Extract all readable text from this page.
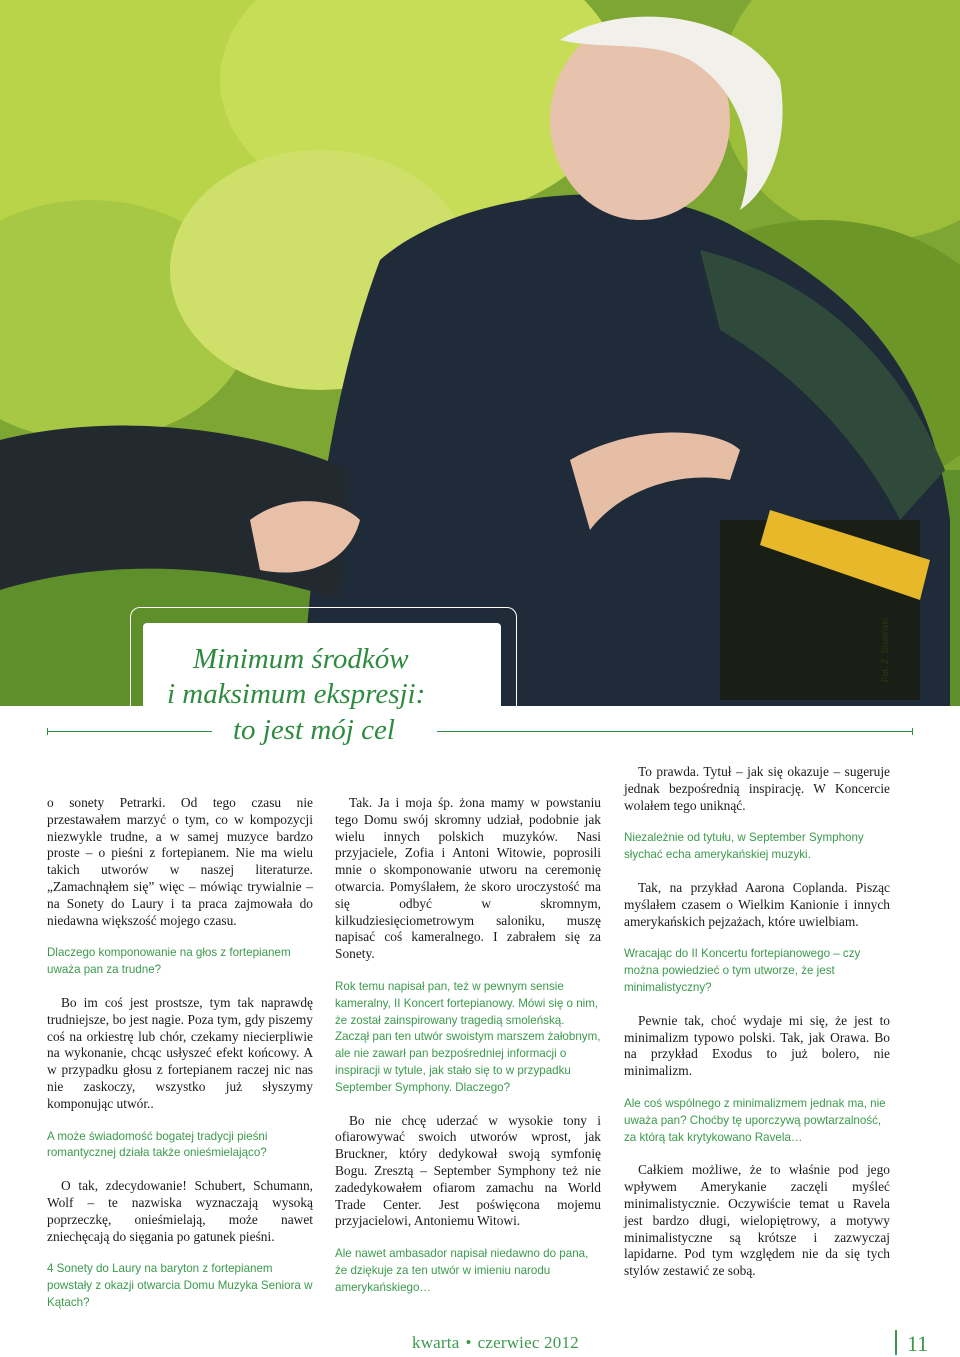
Fot. Z. Sowiński
Minimum środków
i maksimum ekspresji:
to jest mój cel

o sonety Petrarki. Od tego czasu nie przestawałem marzyć o tym, co w kompozycji niezwykle trudne, a w samej muzyce bardzo proste – o pieśni z fortepianem. Nie ma wielu takich utworów w naszej literaturze. „Zamachnąłem się” więc – mówiąc trywialnie – na Sonety do Laury i ta praca zajmowała do niedawna większość mojego czasu.

Dlaczego komponowanie na głos z fortepianem uważa pan za trudne?

Bo im coś jest prostsze, tym tak naprawdę trudniejsze, bo jest nagie. Poza tym, gdy piszemy coś na orkiestrę lub chór, czekamy niecierpliwie na wykonanie, chcąc usłyszeć efekt końcowy. A w przypadku głosu z fortepianem raczej nic nas nie zaskoczy, wszystko już słyszymy komponując utwór..

A może świadomość bogatej tradycji pieśni romantycznej działa także onieśmielająco?

O tak, zdecydowanie! Schubert, Schumann, Wolf – te nazwiska wyznaczają wysoką poprzeczkę, onieśmielają, może nawet zniechęcają do sięgania po gatunek pieśni.

4 Sonety do Laury na baryton z fortepianem powstały z okazji otwarcia Domu Muzyka Seniora w Kątach?

Tak. Ja i moja śp. żona mamy w powstaniu tego Domu swój skromny udział, podobnie jak wielu innych polskich muzyków. Nasi przyjaciele, Zofia i Antoni Witowie, poprosili mnie o skomponowanie utworu na ceremonię otwarcia. Pomyślałem, że skoro uroczystość ma się odbyć w skromnym, kilkudziesięciometrowym saloniku, muszę napisać coś kameralnego. I zabrałem się za Sonety.

Rok temu napisał pan, też w pewnym sensie kameralny, II Koncert fortepianowy. Mówi się o nim, że został zainspirowany tragedią smoleńską. Zaczął pan ten utwór swoistym marszem żałobnym, ale nie zawarł pan bezpośredniej informacji o inspiracji w tytule, jak stało się to w przypadku September Symphony. Dlaczego?

Bo nie chcę uderzać w wysokie tony i ofiarowywać swoich utworów wprost, jak Bruckner, który dedykował swoją symfonię Bogu. Zresztą – September Symphony też nie zadedykowałem ofiarom zamachu na World Trade Center. Jest poświęcona mojemu przyjacielowi, Antoniemu Witowi.

Ale nawet ambasador napisał niedawno do pana, że dziękuje za ten utwór w imieniu narodu amerykańskiego…

To prawda. Tytuł – jak się okazuje – sugeruje jednak bezpośrednią inspirację. W Koncercie wolałem tego uniknąć.

Niezależnie od tytułu, w September Symphony słychać echa amerykańskiej muzyki.

Tak, na przykład Aarona Coplanda. Pisząc myślałem czasem o Wielkim Kanionie i innych amerykańskich pejzażach, które uwielbiam.

Wracając do II Koncertu fortepianowego – czy można powiedzieć o tym utworze, że jest minimalistyczny?

Pewnie tak, choć wydaje mi się, że jest to minimalizm typowo polski. Tak, jak Orawa. Bo na przykład Exodus to już bolero, nie minimalizm.

Ale coś wspólnego z minimalizmem jednak ma, nie uważa pan? Choćby tę uporczywą powtarzalność, za którą tak krytykowano Ravela…

Całkiem możliwe, że to właśnie pod jego wpływem Amerykanie zaczęli myśleć minimalistycznie. Oczywiście temat u Ravela jest bardzo długi, wielopiętrowy, a motywy minimalistyczne są krótsze i zazwyczaj lapidarne. Pod tym względem nie da się tych stylów zestawić ze sobą.

kwarta • czerwiec 2012	11
